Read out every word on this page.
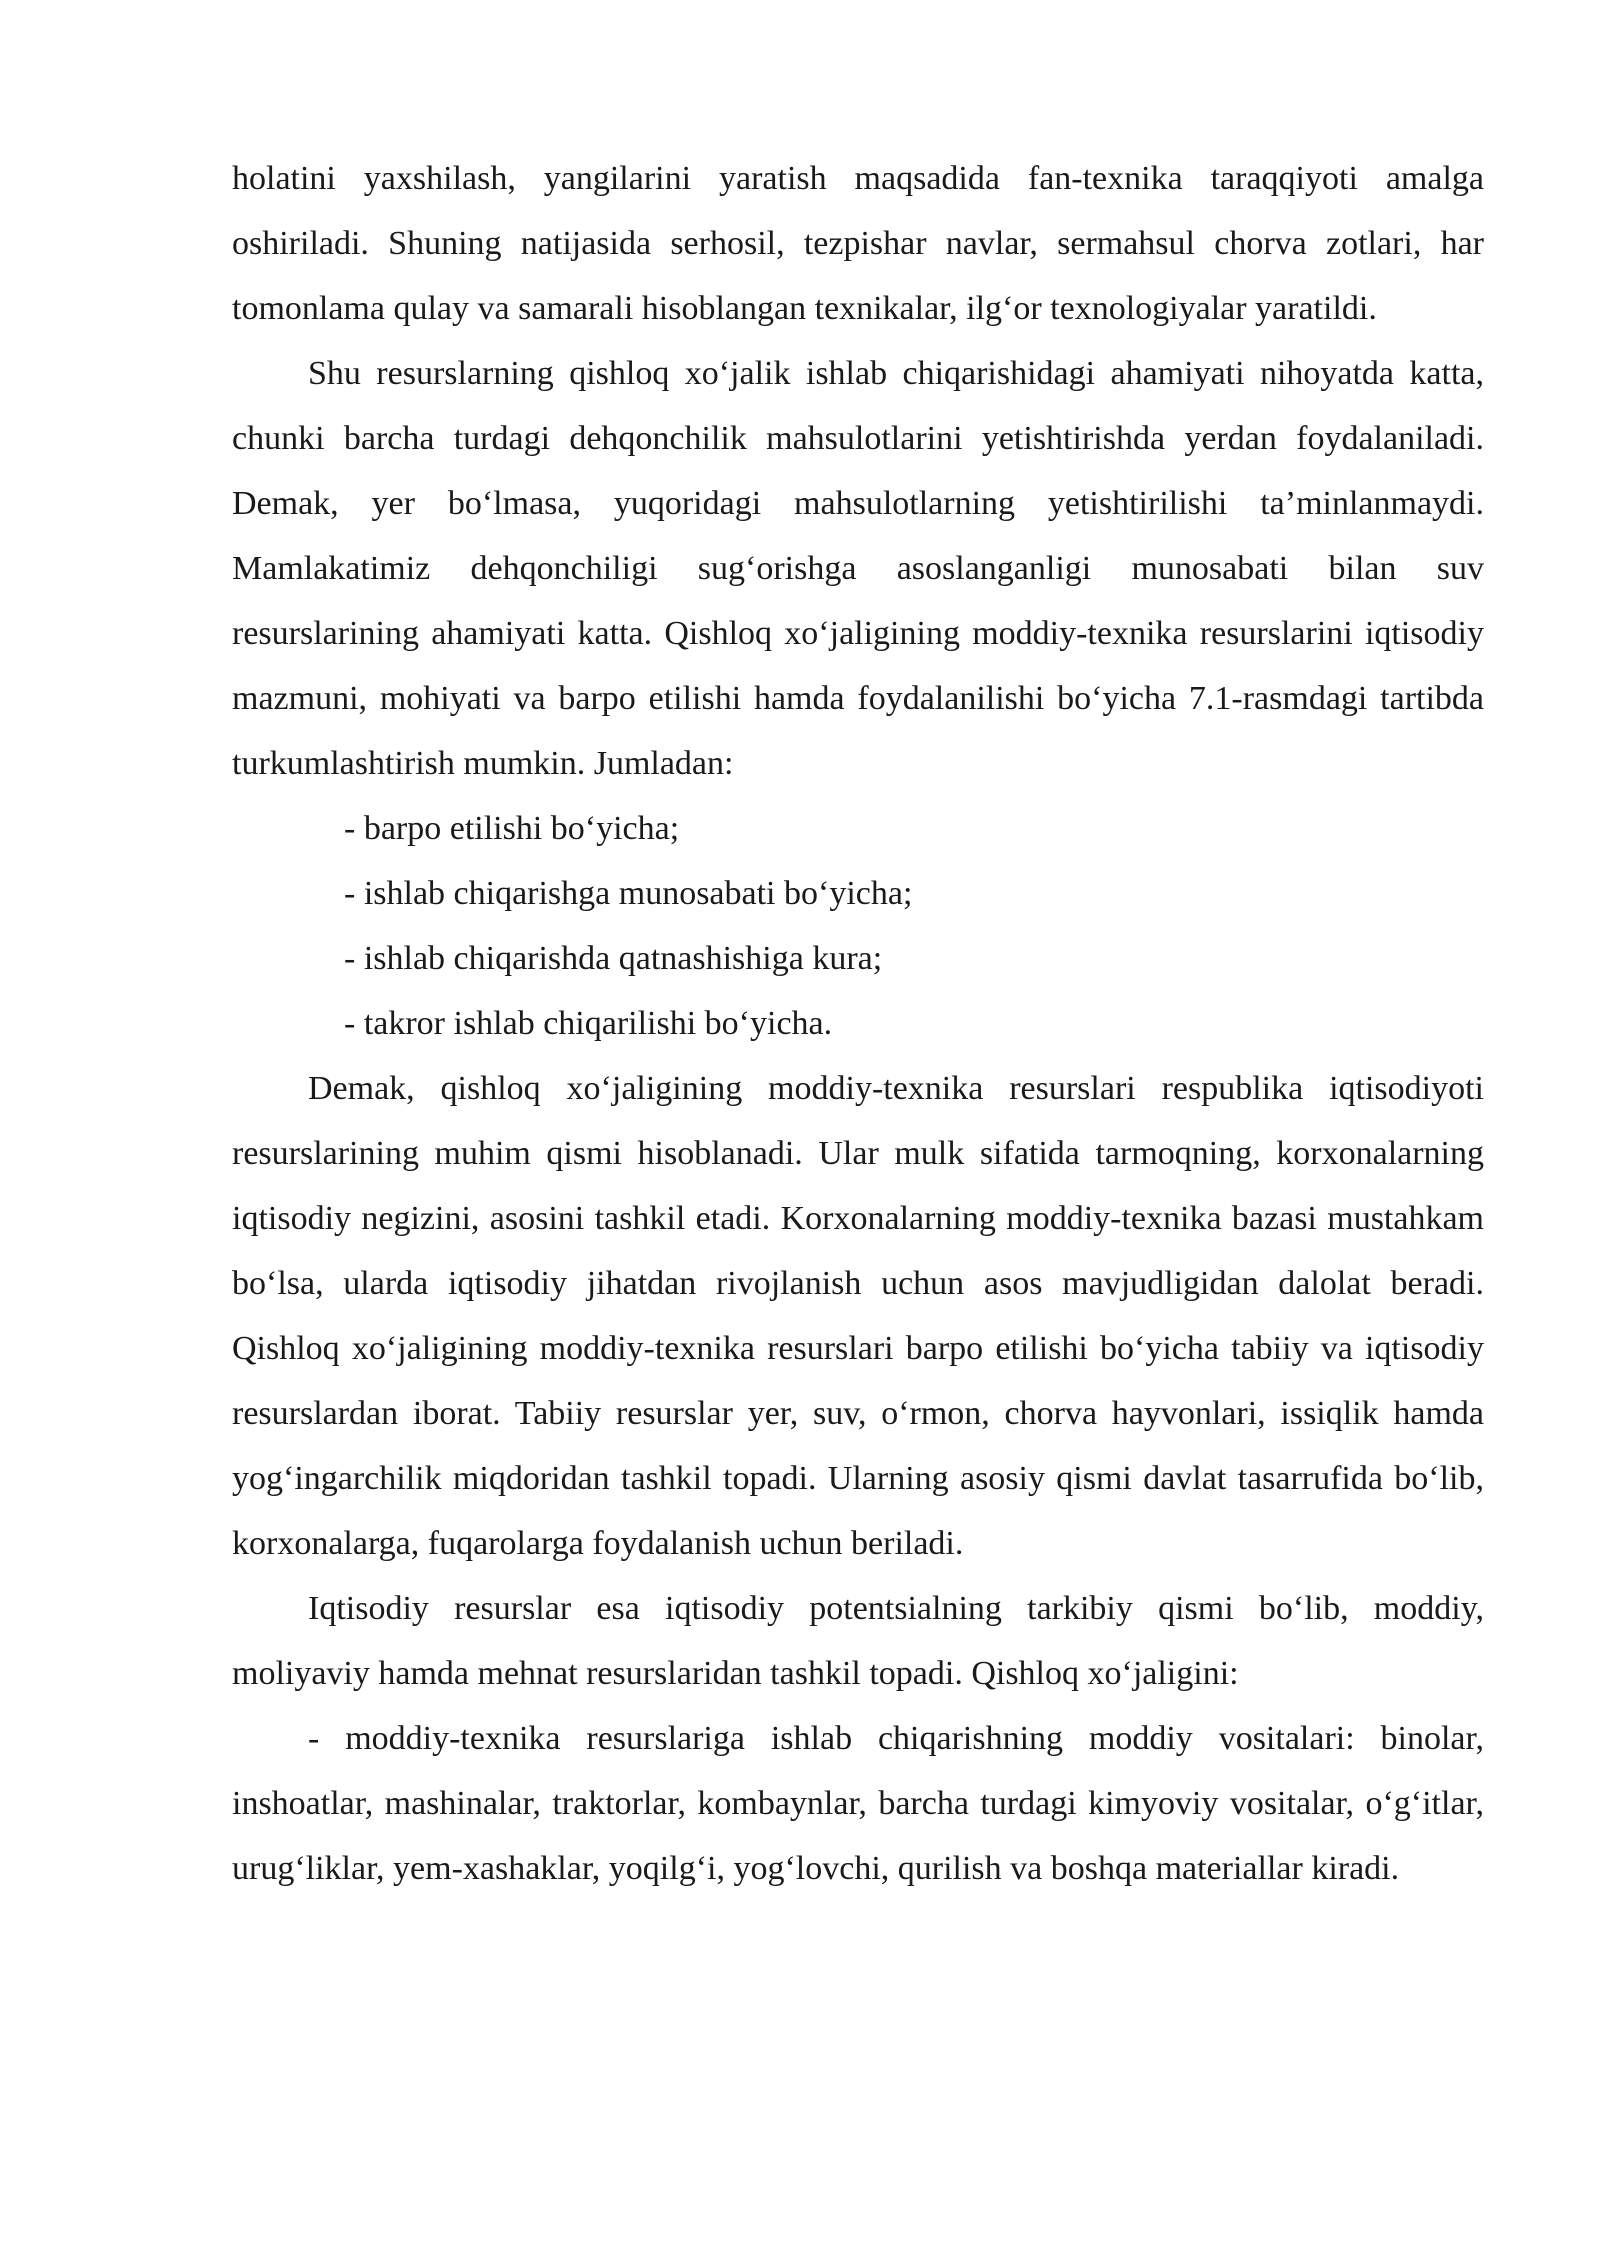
holatini yaxshilash, yangilarini yaratish maqsadida fan-texnika taraqqiyoti amalga oshiriladi. Shuning natijasida serhosil, tezpishar navlar, sermahsul chorva zotlari, har tomonlama qulay va samarali hisoblangan texnikalar, ilg‘or texnologiyalar yaratildi.

Shu resurslarning qishloq xo‘jalik ishlab chiqarishidagi ahamiyati nihoyatda katta, chunki barcha turdagi dehqonchilik mahsulotlarini yetishtirishda yerdan foydalaniladi. Demak, yer bo‘lmasa, yuqoridagi mahsulotlarning yetishtirilishi ta’minlanmaydi. Mamlakatimiz dehqonchiligi sug‘orishga asoslanganligi munosabati bilan suv resurslarining ahamiyati katta. Qishloq xo‘jaligining moddiy-texnika resurslarini iqtisodiy mazmuni, mohiyati va barpo etilishi hamda foydalanilishi bo‘yicha 7.1-rasmdagi tartibda turkumlashtirish mumkin. Jumladan:

- barpo etilishi bo‘yicha;
- ishlab chiqarishga munosabati bo‘yicha;
- ishlab chiqarishda qatnashishiga kura;
- takror ishlab chiqarilishi bo‘yicha.

Demak, qishloq xo‘jaligining moddiy-texnika resurslari respublika iqtisodiyoti resurslarining muhim qismi hisoblanadi. Ular mulk sifatida tarmoqning, korxonalarning iqtisodiy negizini, asosini tashkil etadi. Korxonalarning moddiy-texnika bazasi mustahkam bo‘lsa, ularda iqtisodiy jihatdan rivojlanish uchun asos mavjudligidan dalolat beradi. Qishloq xo‘jaligining moddiy-texnika resurslari barpo etilishi bo‘yicha tabiiy va iqtisodiy resurslardan iborat. Tabiiy resurslar yer, suv, o‘rmon, chorva hayvonlari, issiqlik hamda yog‘ingarchilik miqdoridan tashkil topadi. Ularning asosiy qismi davlat tasarrufida bo‘lib, korxonalarga, fuqarolarga foydalanish uchun beriladi.

Iqtisodiy resurslar esa iqtisodiy potentsialning tarkibiy qismi bo‘lib, moddiy, moliyaviy hamda mehnat resurslaridan tashkil topadi. Qishloq xo‘jaligini:

- moddiy-texnika resurslariga ishlab chiqarishning moddiy vositalari: binolar, inshoatlar, mashinalar, traktorlar, kombaynlar, barcha turdagi kimyoviy vositalar, o‘g‘itlar, urug‘liklar, yem-xashaklar, yoqilg‘i, yog‘lovchi, qurilish va boshqa materiallar kiradi.
